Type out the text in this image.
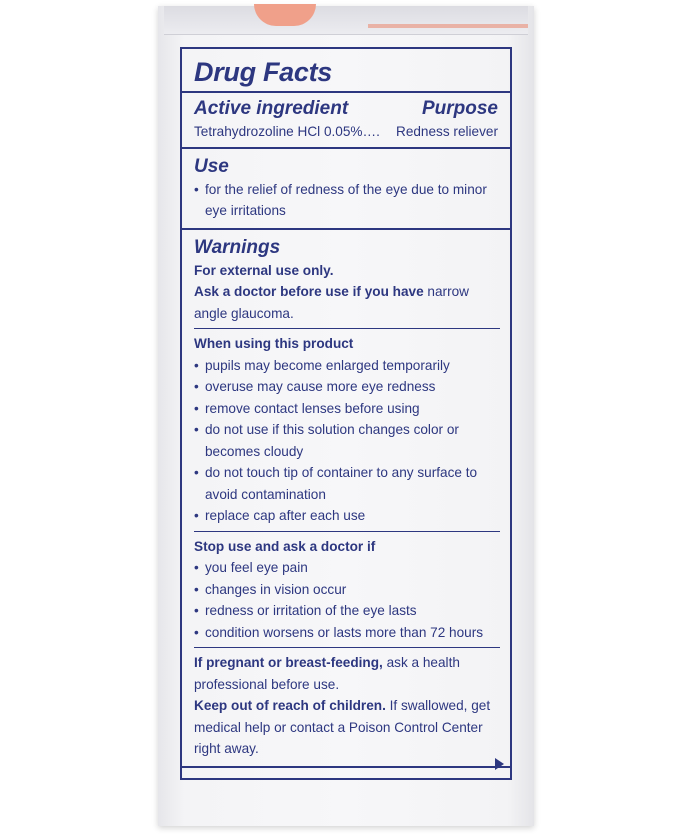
Drug Facts
Active ingredient	Purpose
Tetrahydrozoline HCl 0.05%…. Redness reliever
Use
• for the relief of redness of the eye due to minor eye irritations
Warnings
For external use only.
Ask a doctor before use if you have narrow angle glaucoma.
When using this product
• pupils may become enlarged temporarily
• overuse may cause more eye redness
• remove contact lenses before using
• do not use if this solution changes color or becomes cloudy
• do not touch tip of container to any surface to avoid contamination
• replace cap after each use
Stop use and ask a doctor if
• you feel eye pain
• changes in vision occur
• redness or irritation of the eye lasts
• condition worsens or lasts more than 72 hours
If pregnant or breast-feeding, ask a health professional before use.
Keep out of reach of children. If swallowed, get medical help or contact a Poison Control Center right away.
